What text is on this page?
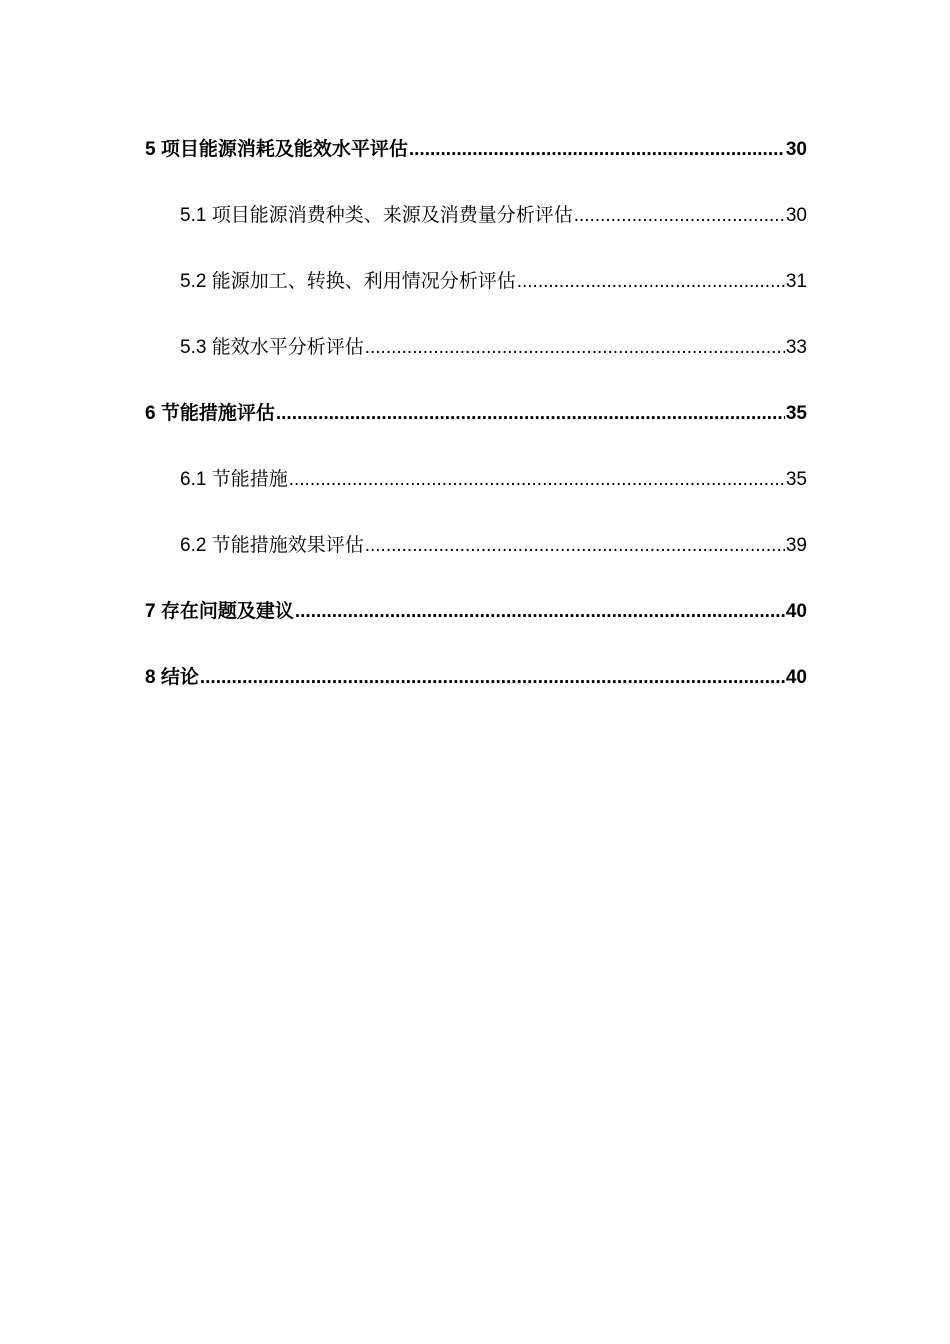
5 项目能源消耗及能效水平评估 .....	30
5.1 项目能源消费种类、来源及消费量分析评估 .....	30
5.2 能源加工、转换、利用情况分析评估 .....	31
5.3 能效水平分析评估 .....	33
6 节能措施评估 .....	35
6.1 节能措施 .....	35
6.2 节能措施效果评估 .....	39
7 存在问题及建议 .....	40
8 结论 .....	40
